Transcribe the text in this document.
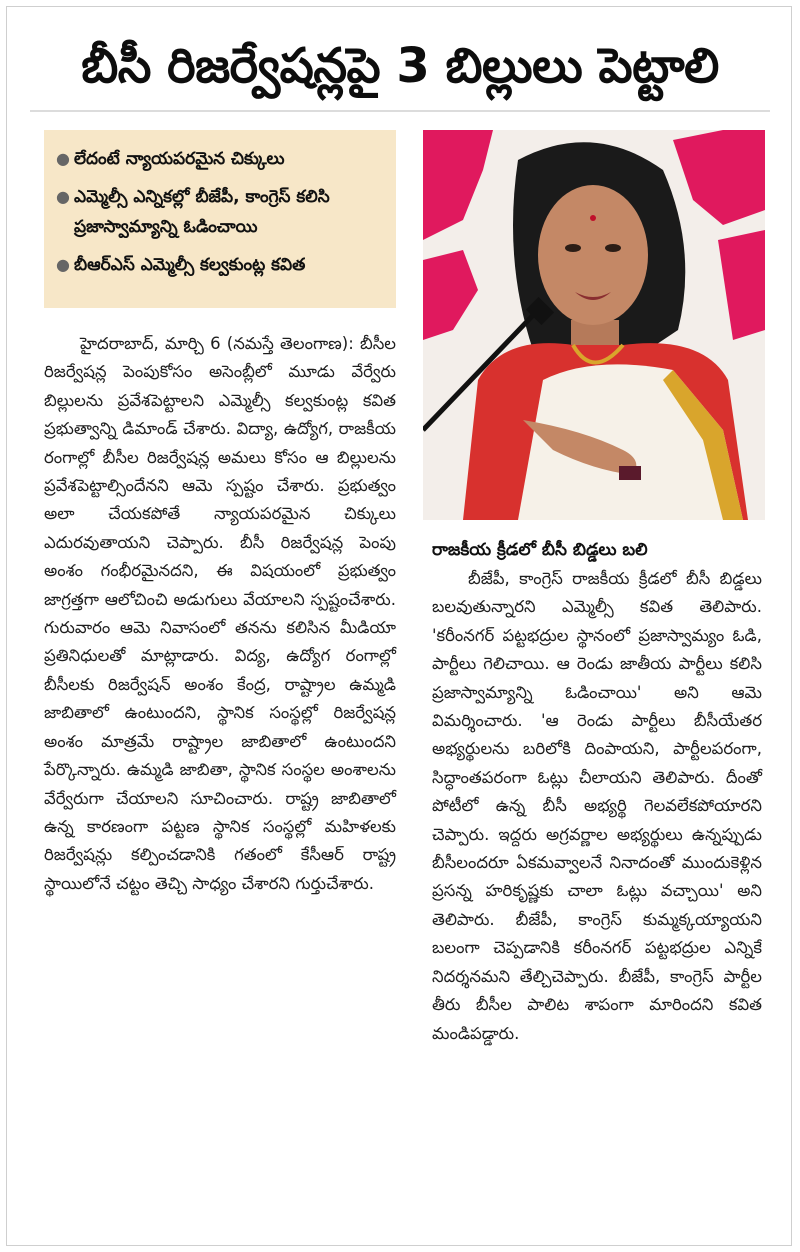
బీసీ రిజర్వేషన్లపై 3 బిల్లులు పెట్టాలి
● లేదంటే న్యాయపరమైన చిక్కులు
● ఎమ్మెల్సీ ఎన్నికల్లో బీజేపీ, కాంగ్రెస్ కలిసి ప్రజాస్వామ్యాన్ని ఓడించాయి
● బీఆర్ఎస్ ఎమ్మెల్సీ కల్వకుంట్ల కవిత
రాజకీయ క్రీడలో బీసీ బిడ్డలు బలి

హైదరాబాద్, మార్చి 6 (నమస్తే తెలంగాణ): బీసీల రిజర్వేషన్ల పెంపుకోసం అసెంబ్లీలో మూడు వేర్వేరు బిల్లులను ప్రవేశపెట్టాలని ఎమ్మెల్సీ కల్వకుంట్ల కవిత ప్రభుత్వాన్ని డిమాండ్ చేశారు. విద్యా, ఉద్యోగ, రాజకీయ రంగాల్లో బీసీల రిజర్వేషన్ల అమలు కోసం ఆ బిల్లులను ప్రవేశపెట్టాల్సిందేనని ఆమె స్పష్టం చేశారు. ప్రభుత్వం అలా చేయకపోతే న్యాయపరమైన చిక్కులు ఎదురవుతాయని చెప్పారు. బీసీ రిజర్వేషన్ల పెంపు అంశం గంభీరమైనదని, ఈ విషయంలో ప్రభుత్వం జాగ్రత్తగా ఆలోచించి అడుగులు వేయాలని స్పష్టంచేశారు. గురువారం ఆమె నివాసంలో తనను కలిసిన మీడియా ప్రతినిధులతో మాట్లాడారు. విద్య, ఉద్యోగ రంగాల్లో బీసీలకు రిజర్వేషన్ అంశం కేంద్ర, రాష్ట్రాల ఉమ్మడి జాబితాలో ఉంటుందని, స్థానిక సంస్థల్లో రిజర్వేషన్ల అంశం మాత్రమే రాష్ట్రాల జాబితాలో ఉంటుందని పేర్కొన్నారు. ఉమ్మడి జాబితా, స్థానిక సంస్థల అంశాలను వేర్వేరుగా చేయాలని సూచించారు. రాష్ట్ర జాబితాలో ఉన్న కారణంగా పట్టణ స్థానిక సంస్థల్లో మహిళలకు రిజర్వేషన్లు కల్పించడానికి గతంలో కేసీఆర్ రాష్ట్ర స్థాయిలోనే చట్టం తెచ్చి సాధ్యం చేశారని గుర్తుచేశారు.

బీజేపీ, కాంగ్రెస్ రాజకీయ క్రీడలో బీసీ బిడ్డలు బలవుతున్నారని ఎమ్మెల్సీ కవిత తెలిపారు. 'కరీంనగర్ పట్టభద్రుల స్థానంలో ప్రజాస్వామ్యం ఓడి, పార్టీలు గెలిచాయి. ఆ రెండు జాతీయ పార్టీలు కలిసి ప్రజాస్వామ్యాన్ని ఓడించాయి' అని ఆమె విమర్శించారు. 'ఆ రెండు పార్టీలు బీసీయేతర అభ్యర్థులను బరిలోకి దింపాయని, పార్టీలపరంగా, సిద్ధాంతపరంగా ఓట్లు చీలాయని తెలిపారు. దీంతో పోటీలో ఉన్న బీసీ అభ్యర్థి గెలవలేకపోయారని చెప్పారు. ఇద్దరు అగ్రవర్ణాల అభ్యర్థులు ఉన్నప్పుడు బీసీలందరూ ఏకమవ్వాలనే నినాదంతో ముందుకెళ్లిన ప్రసన్న హరికృష్ణకు చాలా ఓట్లు వచ్చాయి' అని తెలిపారు. బీజేపీ, కాంగ్రెస్ కుమ్మక్కయ్యాయని బలంగా చెప్పడానికి కరీంనగర్ పట్టభద్రుల ఎన్నికే నిదర్శనమని తేల్చిచెప్పారు. బీజేపీ, కాంగ్రెస్ పార్టీల తీరు బీసీల పాలిట శాపంగా మారిందని కవిత మండిపడ్డారు.
